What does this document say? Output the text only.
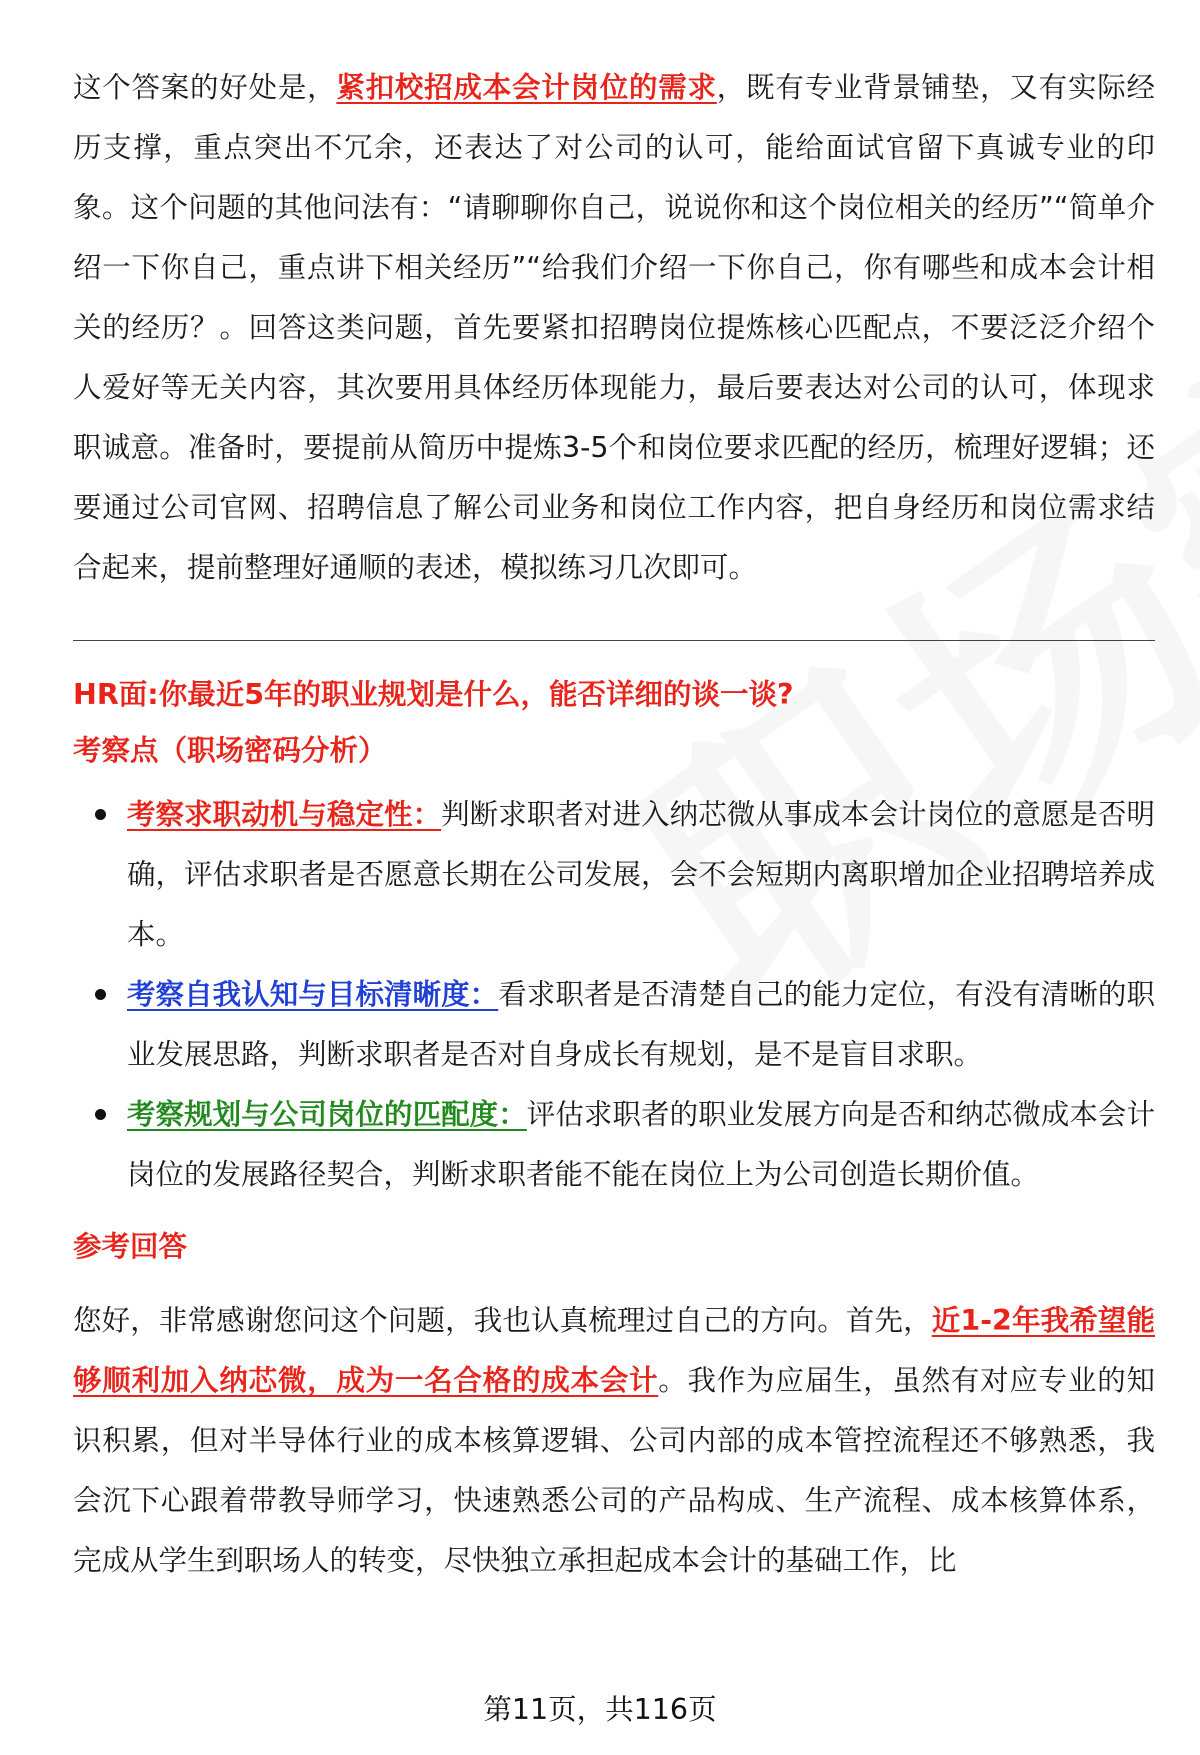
这个答案的好处是，紧扣校招成本会计岗位的需求，既有专业背景铺垫，又有实际经历支撑，重点突出不冗余，还表达了对公司的认可，能给面试官留下真诚专业的印象。这个问题的其他问法有：“请聊聊你自己，说说你和这个岗位相关的经历”“简单介绍一下你自己，重点讲下相关经历”“给我们介绍一下你自己，你有哪些和成本会计相关的经历？。回答这类问题，首先要紧扣招聘岗位提炼核心匹配点，不要泛泛介绍个人爱好等无关内容，其次要用具体经历体现能力，最后要表达对公司的认可，体现求职诚意。准备时，要提前从简历中提炼3-5个和岗位要求匹配的经历，梳理好逻辑；还要通过公司官网、招聘信息了解公司业务和岗位工作内容，把自身经历和岗位需求结合起来，提前整理好通顺的表述，模拟练习几次即可。

HR面:你最近5年的职业规划是什么，能否详细的谈一谈?

考察点（职场密码分析）

考察求职动机与稳定性：判断求职者对进入纳芯微从事成本会计岗位的意愿是否明确，评估求职者是否愿意长期在公司发展，会不会短期内离职增加企业招聘培养成本。
考察自我认知与目标清晰度：看求职者是否清楚自己的能力定位，有没有清晰的职业发展思路，判断求职者是否对自身成长有规划，是不是盲目求职。
考察规划与公司岗位的匹配度：评估求职者的职业发展方向是否和纳芯微成本会计岗位的发展路径契合，判断求职者能不能在岗位上为公司创造长期价值。

参考回答

您好，非常感谢您问这个问题，我也认真梳理过自己的方向。首先，近1-2年我希望能够顺利加入纳芯微，成为一名合格的成本会计。我作为应届生，虽然有对应专业的知识积累，但对半导体行业的成本核算逻辑、公司内部的成本管控流程还不够熟悉，我会沉下心跟着带教导师学习，快速熟悉公司的产品构成、生产流程、成本核算体系，完成从学生到职场人的转变，尽快独立承担起成本会计的基础工作，比

第11页，共116页
